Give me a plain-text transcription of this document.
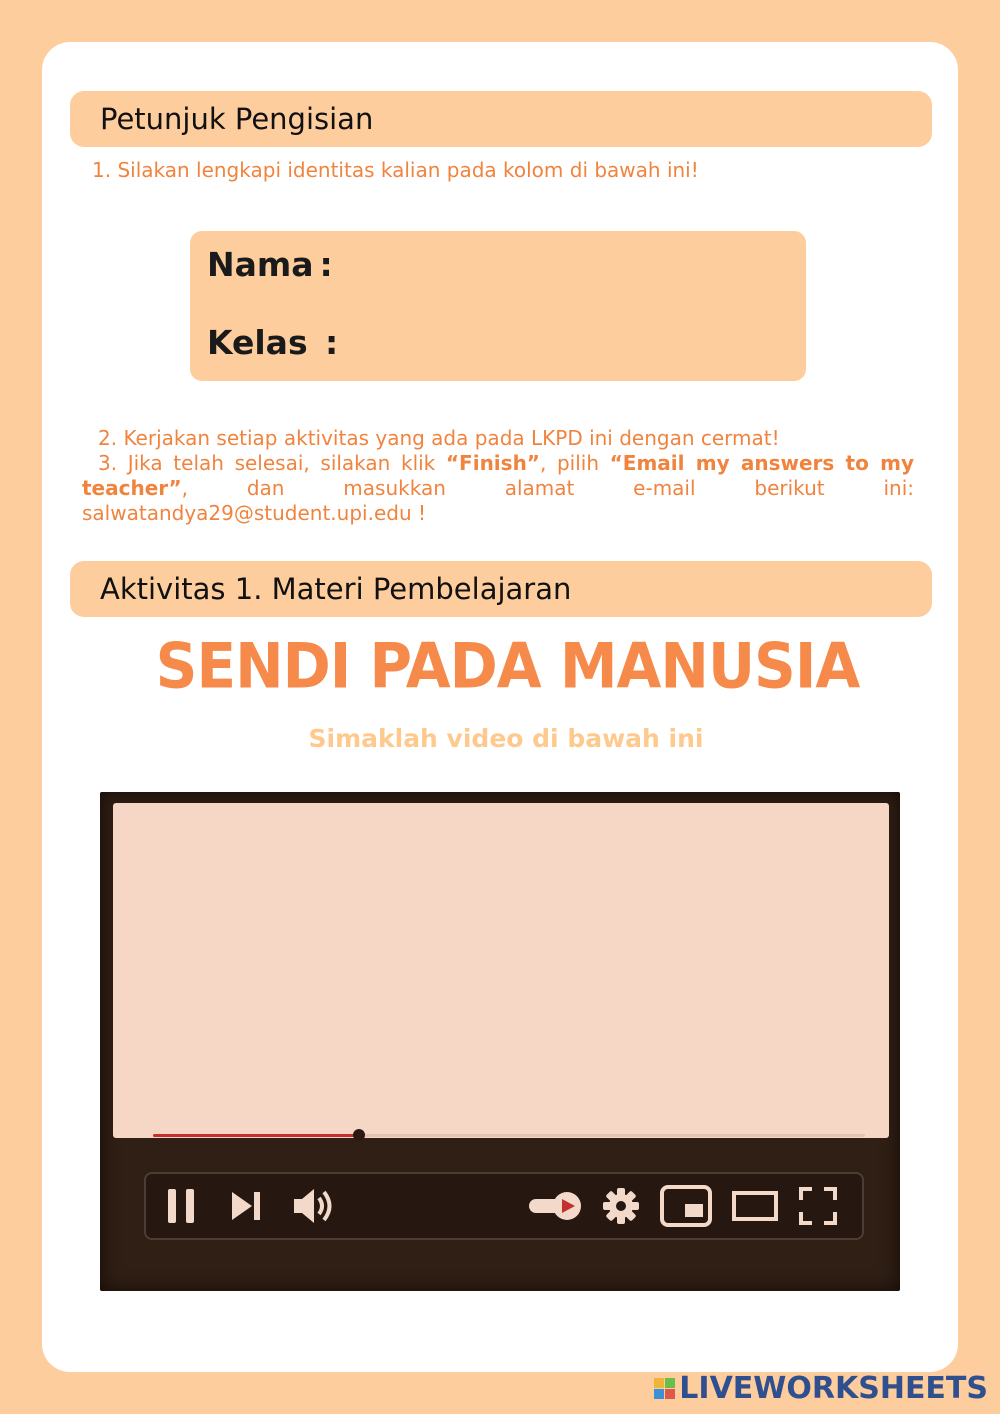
Petunjuk Pengisian
1. Silakan lengkapi identitas kalian pada kolom di bawah ini!
Nama :
Kelas :

2. Kerjakan setiap aktivitas yang ada pada LKPD ini dengan cermat!

3. Jika telah selesai, silakan klik “Finish”, pilih “Email my answers to my teacher”, dan masukkan alamat e-mail berikut ini: salwatandya29@student.upi.edu !

Aktivitas 1. Materi Pembelajaran
SENDI PADA MANUSIA
Simaklah video di bawah ini
LIVEWORKSHEETS
